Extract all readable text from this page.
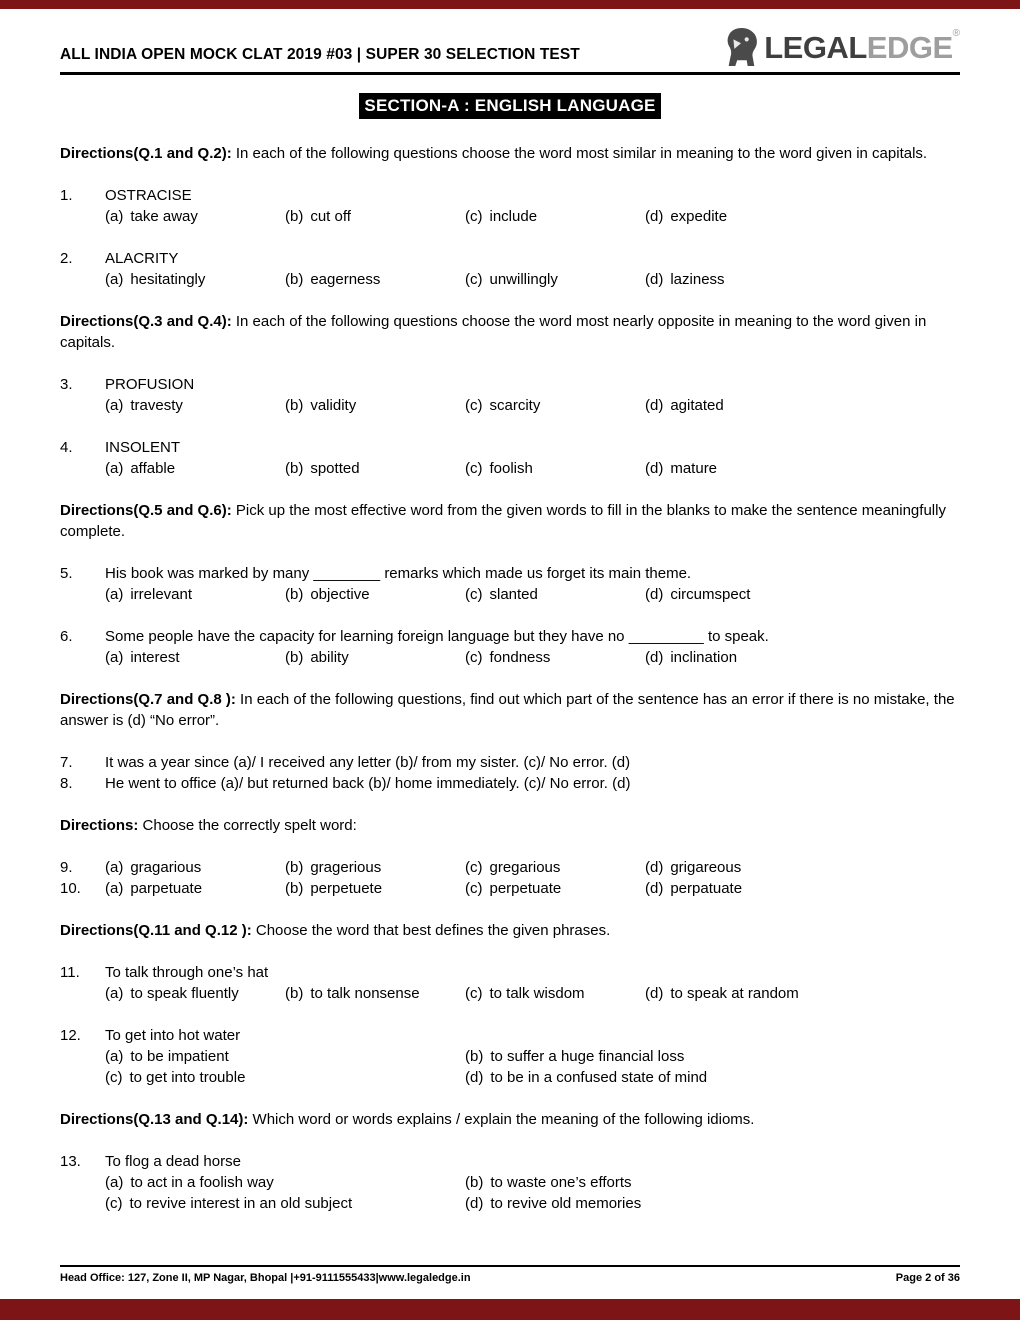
ALL INDIA OPEN MOCK CLAT 2019 #03 | SUPER 30 SELECTION TEST	LEGAL EDGE ®
SECTION-A : ENGLISH LANGUAGE
Directions(Q.1 and Q.2): In each of the following questions choose the word most similar in meaning to the word given in capitals.
1.	OSTRACISE
(a) take away	(b) cut off	(c) include	(d) expedite
2.	ALACRITY
(a) hesitatingly	(b) eagerness	(c) unwillingly	(d) laziness
Directions(Q.3 and Q.4): In each of the following questions choose the word most nearly opposite in meaning to the word given in capitals.
3.	PROFUSION
(a) travesty	(b) validity	(c) scarcity	(d) agitated
4.	INSOLENT
(a) affable	(b) spotted	(c) foolish	(d) mature
Directions(Q.5 and Q.6): Pick up the most effective word from the given words to fill in the blanks to make the sentence meaningfully complete.
5.	His book was marked by many ________ remarks which made us forget its main theme.
(a) irrelevant	(b) objective	(c) slanted	(d) circumspect
6.	Some people have the capacity for learning foreign language but they have no _________ to speak.
(a) interest	(b) ability	(c) fondness	(d) inclination
Directions(Q.7 and Q.8 ): In each of the following questions, find out which part of the sentence has an error if there is no mistake, the answer is (d) “No error”.
7.	It was a year since (a)/ I received any letter (b)/ from my sister. (c)/ No error. (d)
8.	He went to office (a)/ but returned back (b)/ home immediately. (c)/ No error. (d)
Directions: Choose the correctly spelt word:
9.	(a) gragarious	(b) gragerious	(c) gregarious	(d) grigareous
10.	(a) parpetuate	(b) perpetuete	(c) perpetuate	(d) perpatuate
Directions(Q.11 and Q.12 ): Choose the word that best defines the given phrases.
11.	To talk through one’s hat
(a) to speak fluently	(b) to talk nonsense	(c) to talk wisdom	(d) to speak at random
12.	To get into hot water
(a) to be impatient	(b) to suffer a huge financial loss
(c) to get into trouble	(d) to be in a confused state of mind
Directions(Q.13 and Q.14): Which word or words explains / explain the meaning of the following idioms.
13.	To flog a dead horse
(a) to act in a foolish way	(b) to waste one’s efforts
(c) to revive interest in an old subject	(d) to revive old memories
Head Office: 127, Zone II, MP Nagar, Bhopal |+91-9111555433|www.legaledge.in	Page 2 of 36
